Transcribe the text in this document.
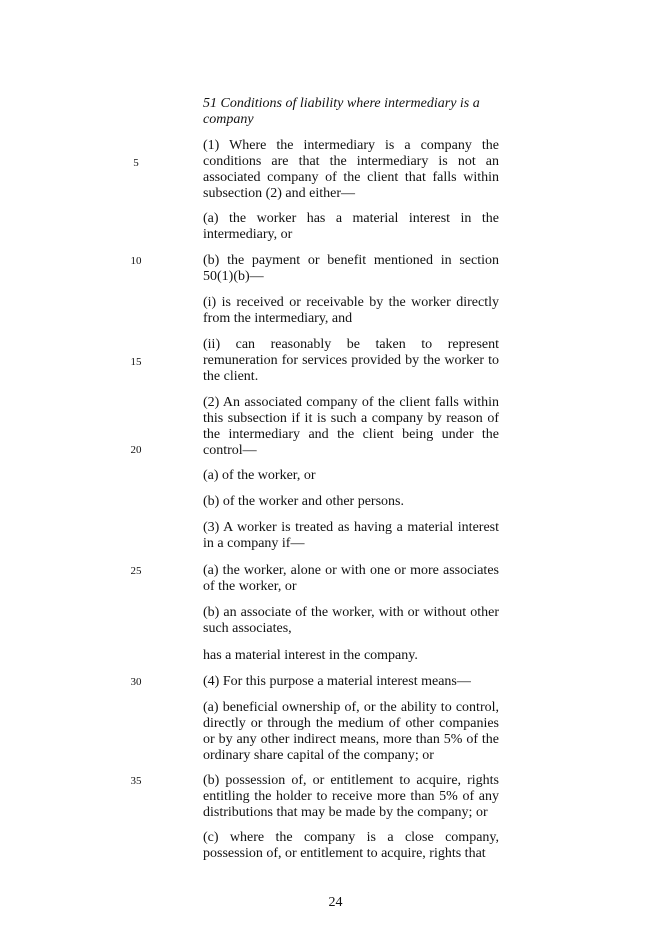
51 Conditions of liability where intermediary is a company
(1) Where the intermediary is a company the conditions are that the intermediary is not an associated company of the client that falls within subsection (2) and either—
(a) the worker has a material interest in the intermediary, or
(b) the payment or benefit mentioned in section 50(1)(b)—
(i) is received or receivable by the worker directly from the intermediary, and
(ii) can reasonably be taken to represent remuneration for services provided by the worker to the client.
(2) An associated company of the client falls within this subsection if it is such a company by reason of the intermediary and the client being under the control—
(a) of the worker, or
(b) of the worker and other persons.
(3) A worker is treated as having a material interest in a company if—
(a) the worker, alone or with one or more associates of the worker, or
(b) an associate of the worker, with or without other such associates,
has a material interest in the company.
(4) For this purpose a material interest means—
(a) beneficial ownership of, or the ability to control, directly or through the medium of other companies or by any other indirect means, more than 5% of the ordinary share capital of the company; or
(b) possession of, or entitlement to acquire, rights entitling the holder to receive more than 5% of any distributions that may be made by the company; or
(c) where the company is a close company, possession of, or entitlement to acquire, rights that
5
10
15
20
25
30
35
24
